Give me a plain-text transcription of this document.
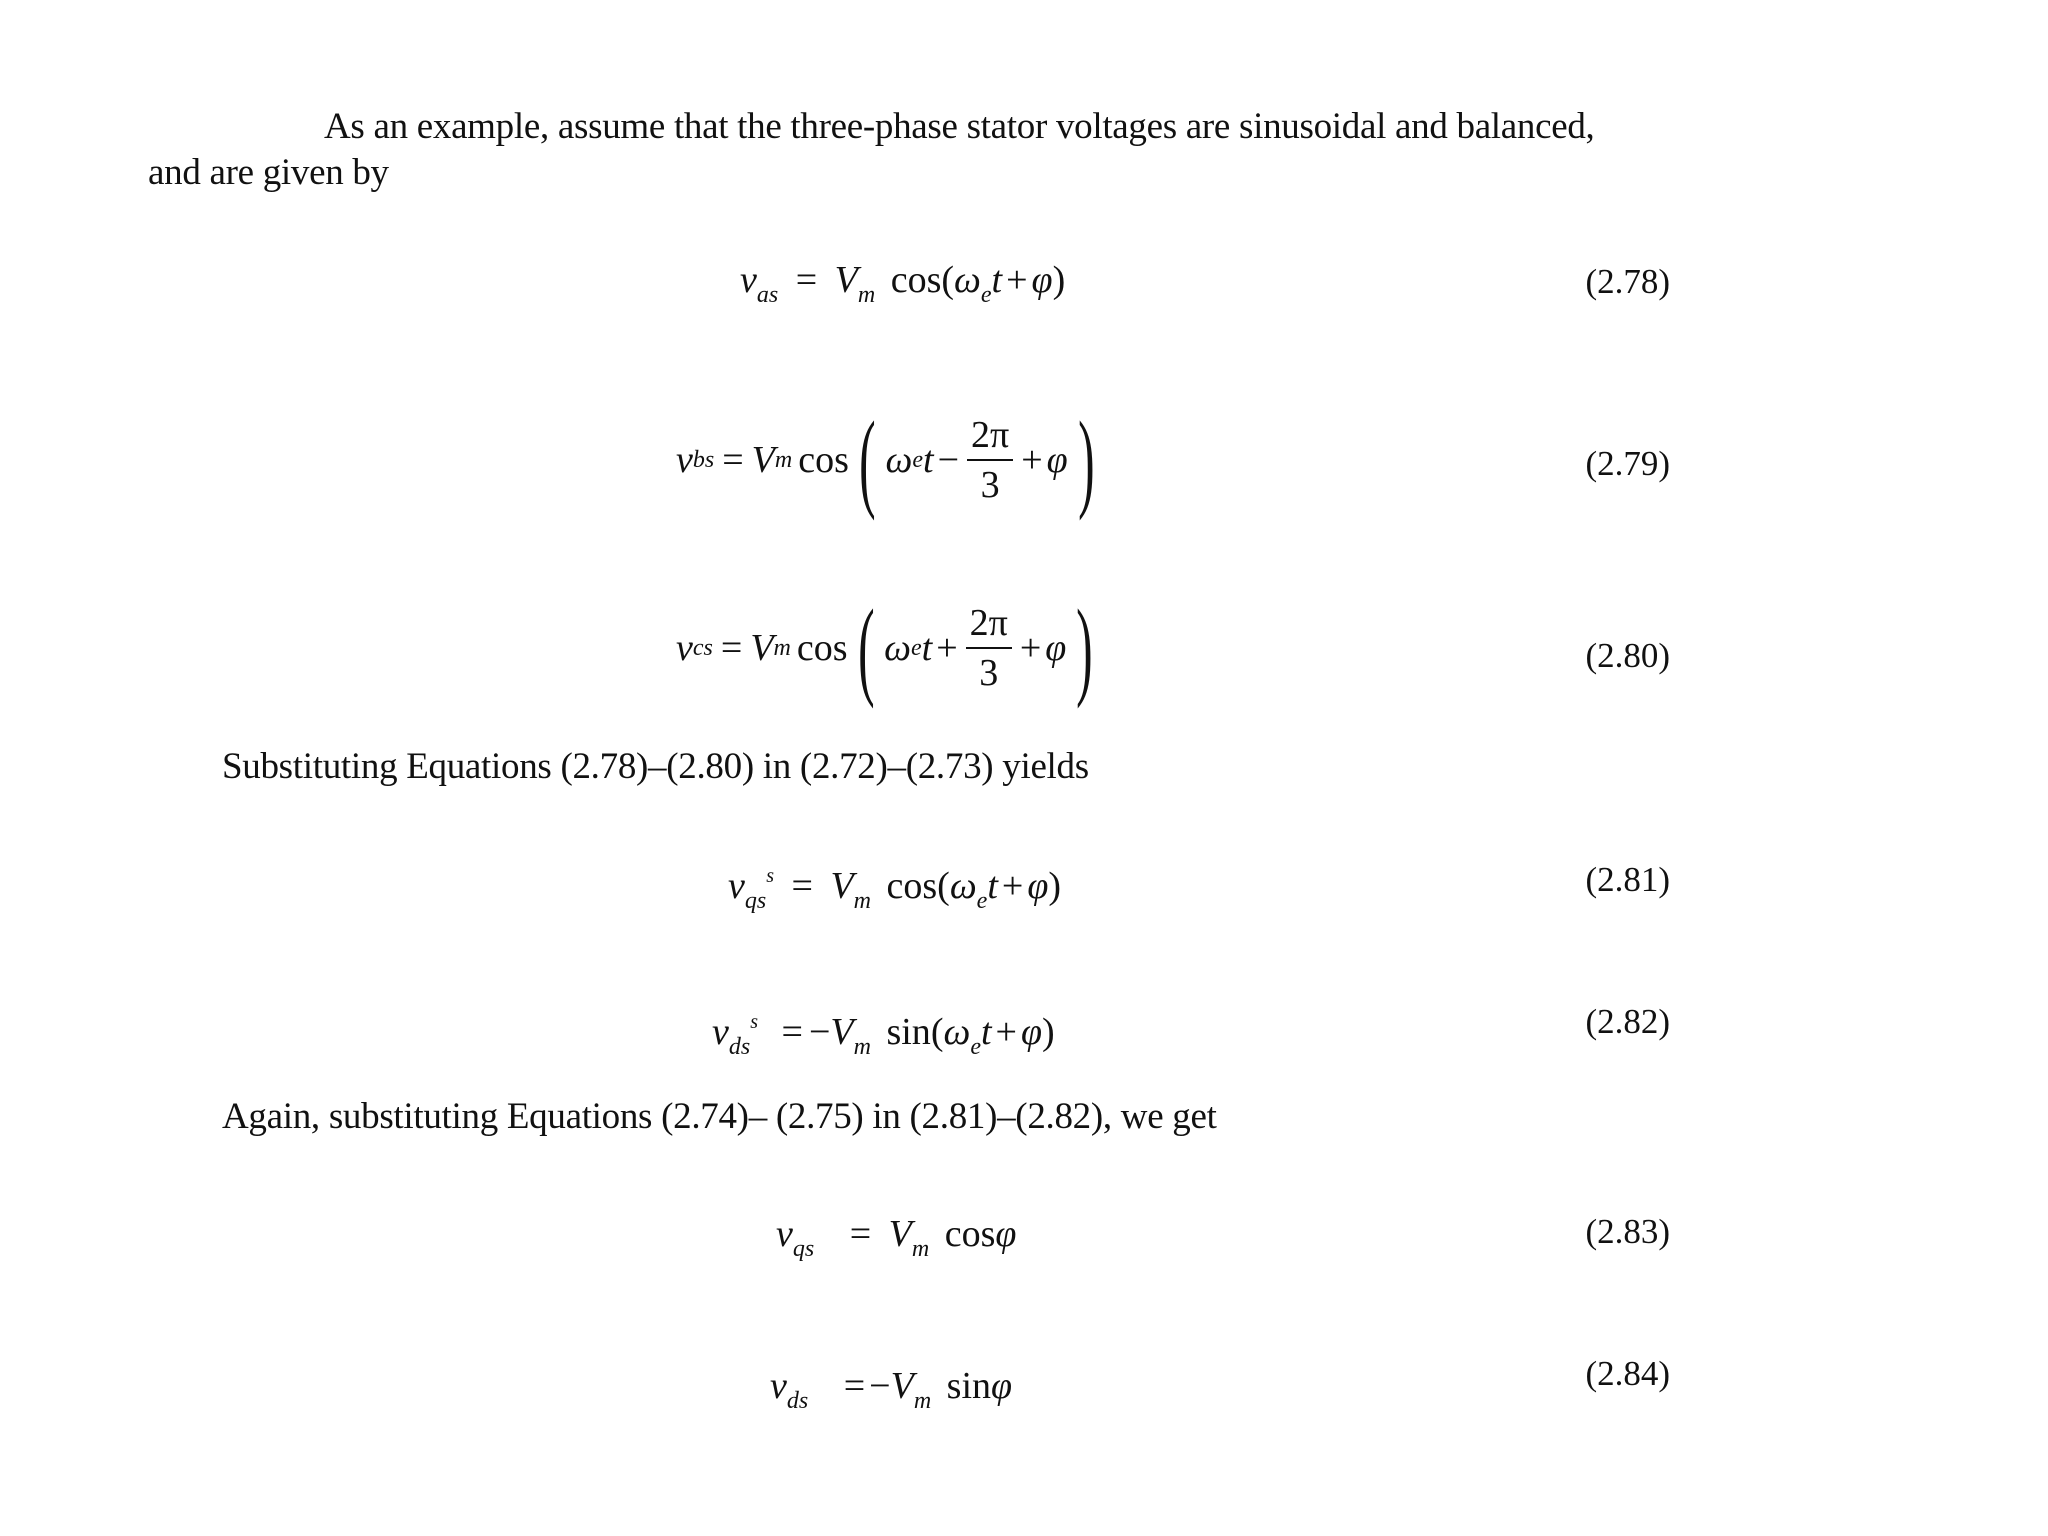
As an example, assume that the three-phase stator voltages are sinusoidal and balanced,
and are given by
$v_{as} = V_m$ $\cos(\omega_et + \varphi)$	(2.78)
v bs = V m cos ( ω e $t - \frac{2\pi}{3} + \varphi$ )	(2.79)
v cs = V m cos ( ω e $t + \frac{2\pi}{3} + \varphi$ )	(2.80)
Substituting Equations (2.78)–(2.80) in (2.72)–(2.73) yields
$v_{qs}^s = V_m$ $\cos(\omega_et + \varphi)$	(2.81)
$v_{ds}^s = -V_m$ $\sin(\omega_et + \varphi)$	(2.82)
Again, substituting Equations (2.74)– (2.75) in (2.81)–(2.82), we get
$v_{qs} = V_m$ cosφ	(2.83)
$v_{ds} = -V_m$ sinφ	(2.84)
